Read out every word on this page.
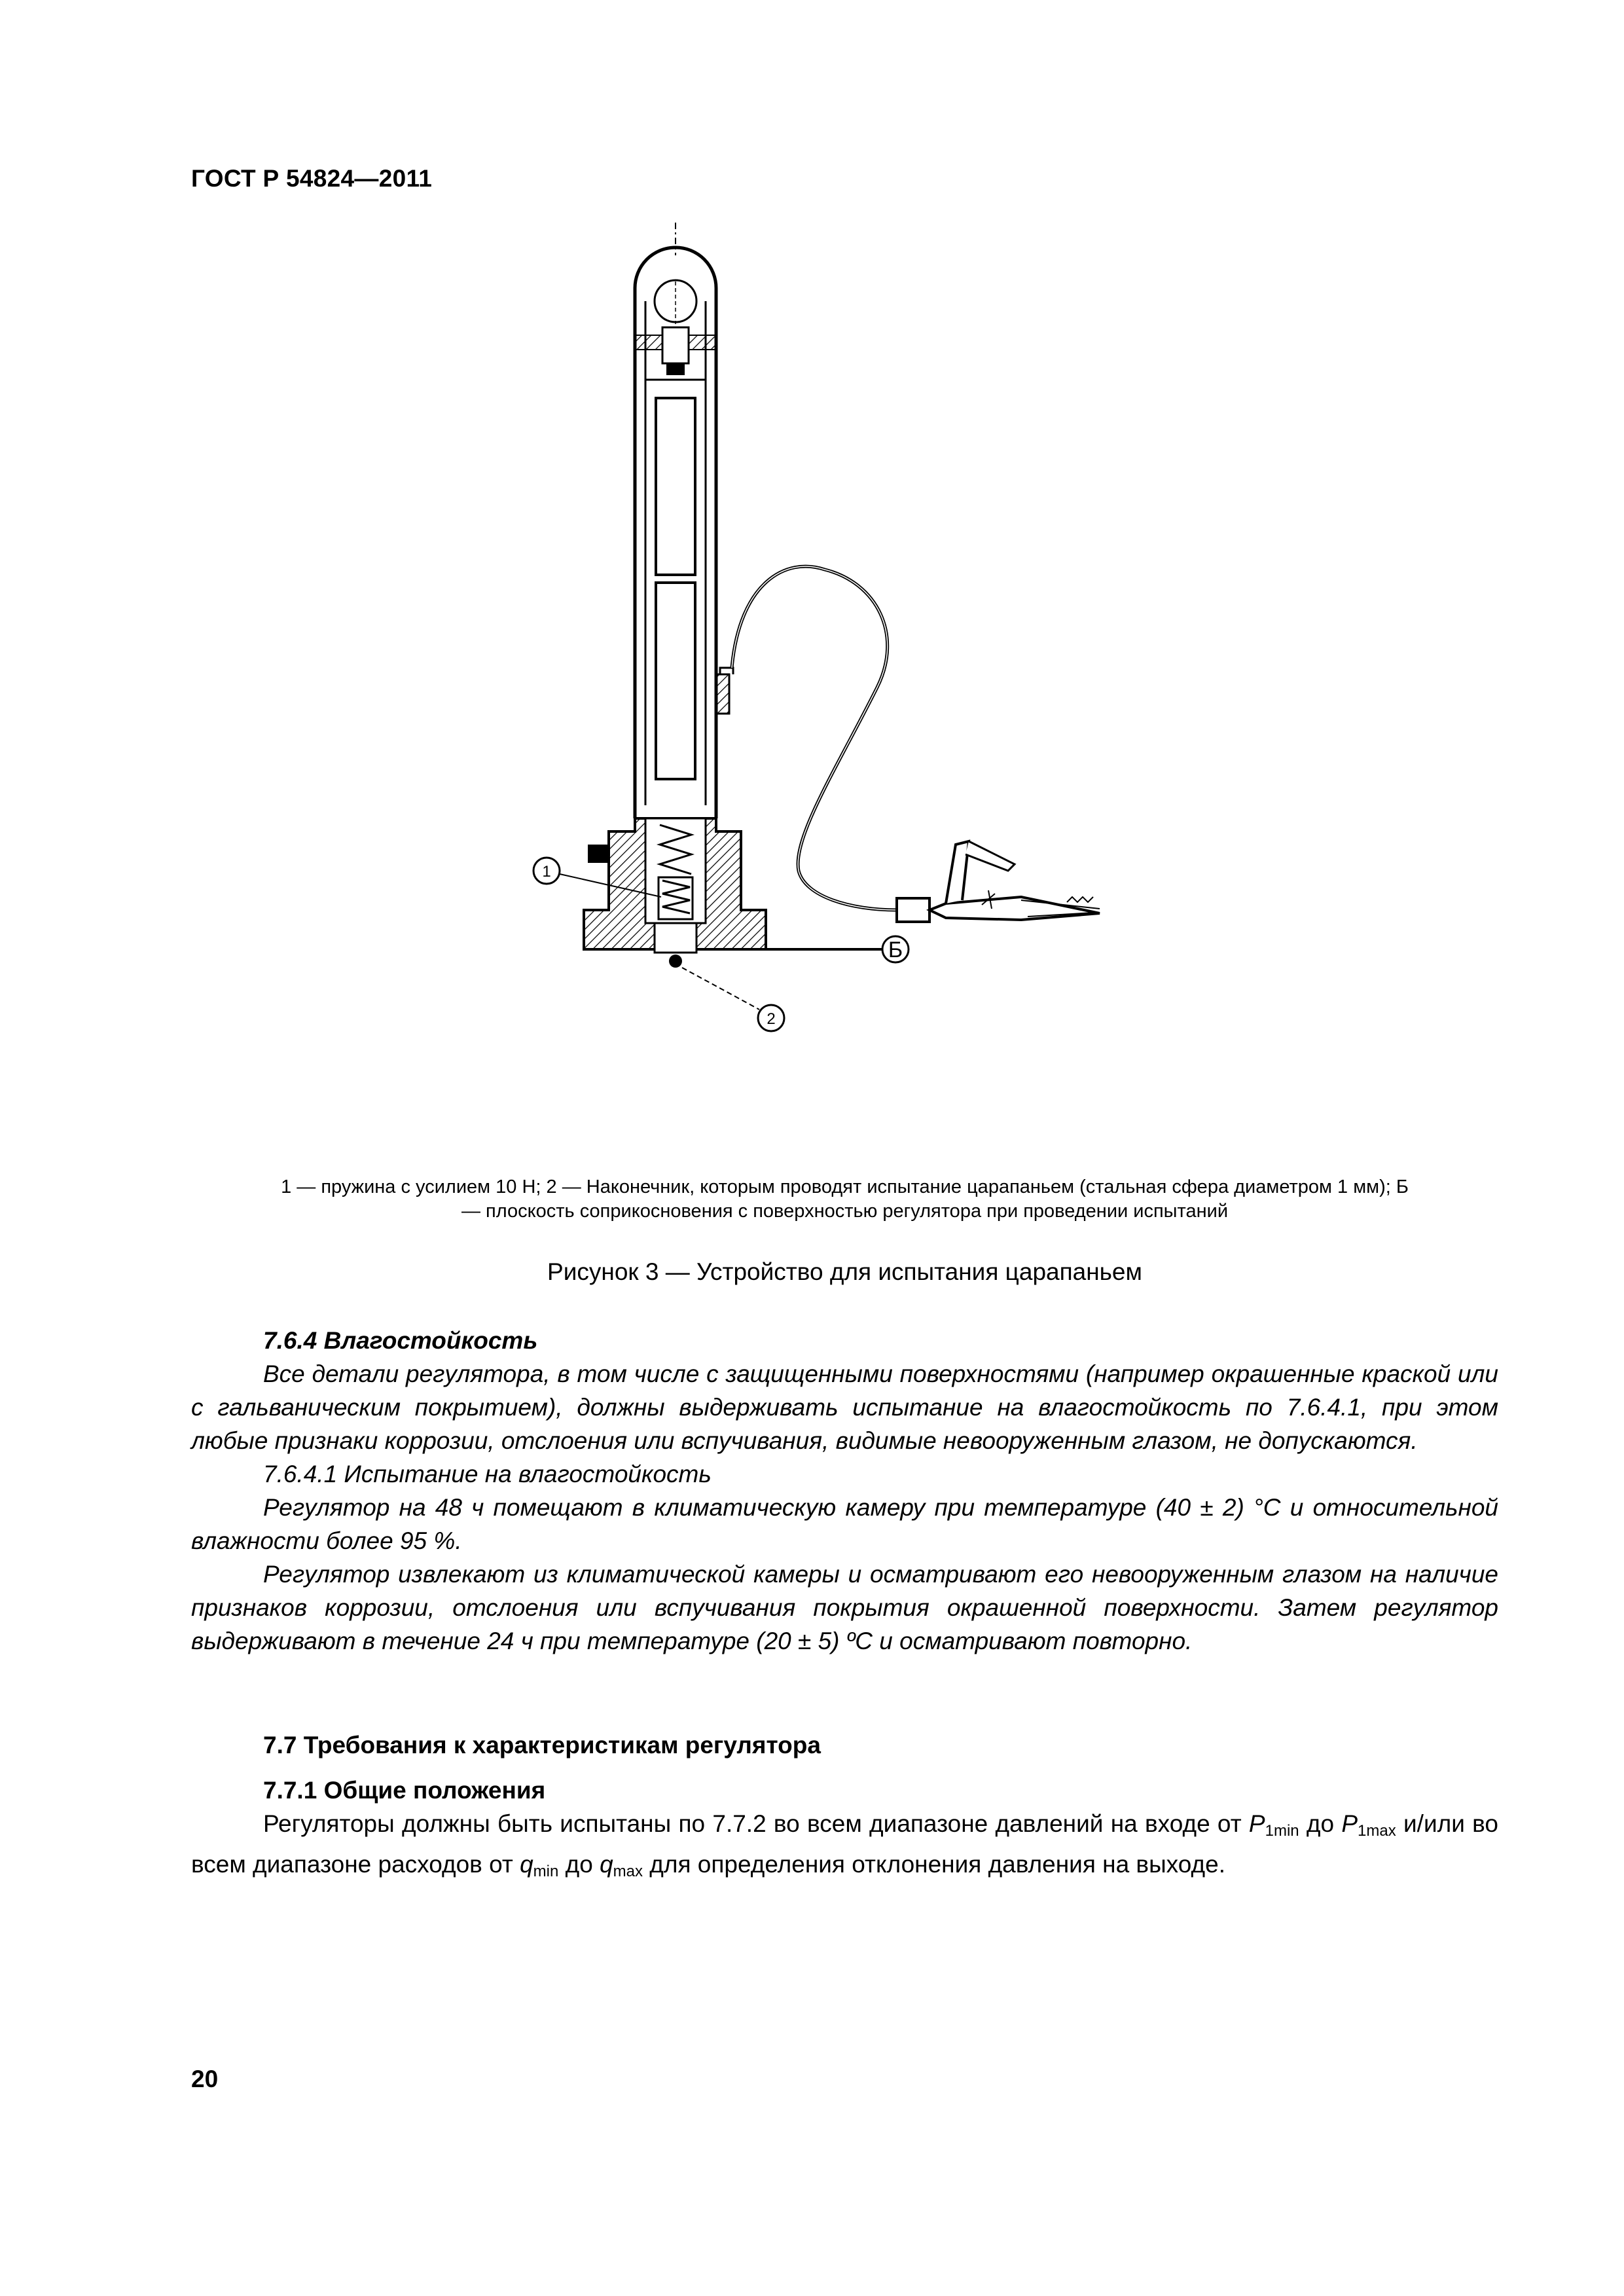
ГОСТ Р 54824—2011
Б
1
2
1 — пружина с усилием 10 Н; 2 — Наконечник, которым проводят испытание царапаньем (стальная сфера диаметром 1 мм); Б
— плоскость соприкосновения с поверхностью регулятора при проведении испытаний
Рисунок 3 — Устройство для испытания царапаньем

7.6.4 Влагостойкость

Все детали регулятора, в том числе с защищенными поверхностями (например окрашенные краской или с гальваническим покрытием), должны выдерживать испытание на влагостойкость по 7.6.4.1, при этом любые признаки коррозии, отслоения или вспучивания, видимые невооруженным глазом, не допускаются.

7.6.4.1 Испытание на влагостойкость

Регулятор на 48 ч помещают в климатическую камеру при температуре (40 ± 2) °С и относительной влажности более 95 %.

Регулятор извлекают из климатической камеры и осматривают его невооруженным глазом на наличие признаков коррозии, отслоения или вспучивания покрытия окрашенной поверхности. Затем регулятор выдерживают в течение 24 ч при температуре (20 ± 5) ºС и осматривают повторно.

7.7 Требования к характеристикам регулятора

7.7.1 Общие положения

Регуляторы должны быть испытаны по 7.7.2 во всем диапазоне давлений на входе от $P_{1min}$ до $P_{1max}$ и/или во всем диапазоне расходов от $q_{min}$ до $q_{max}$ для определения отклонения давления на выходе.

20
